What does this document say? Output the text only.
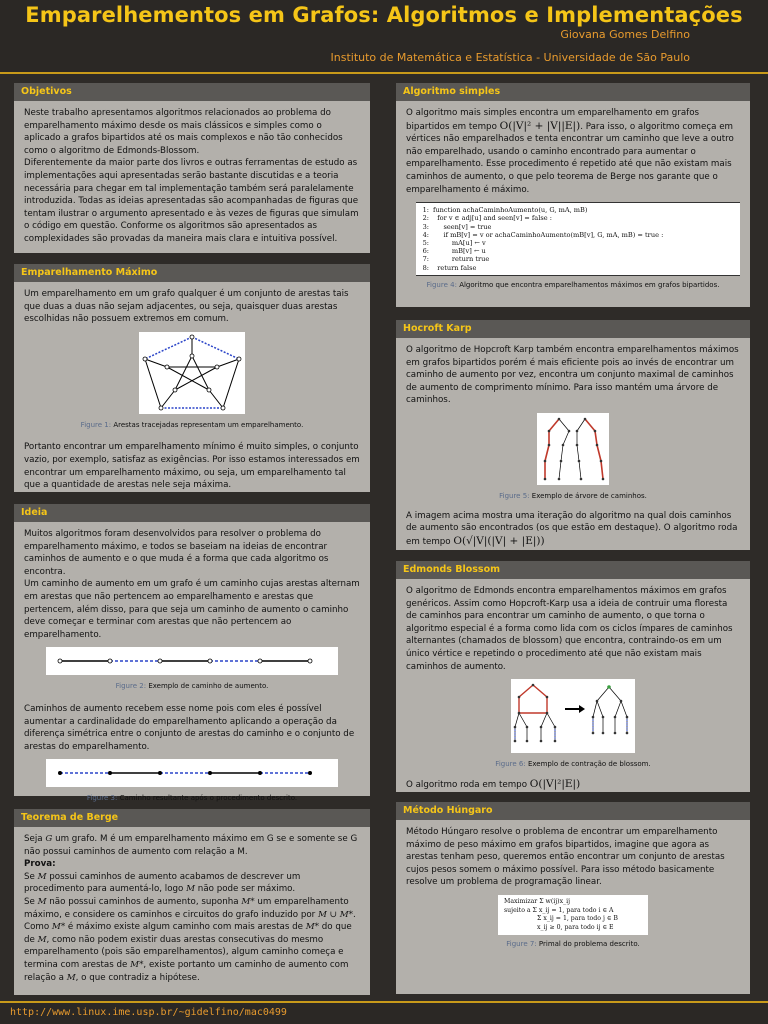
Emparelhementos em Grafos: Algoritmos e Implementações
Giovana Gomes Delfino
Instituto de Matemática e Estatística - Universidade de São Paulo
Objetivos

Neste trabalho apresentamos algoritmos relacionados ao problema do emparelhamento máximo desde os mais clássicos e simples como o aplicado a grafos bipartidos até os mais complexos e não tão conhecidos como o algoritmo de Edmonds-Blossom.

Diferentemente da maior parte dos livros e outras ferramentas de estudo as implementações aqui apresentadas serão bastante discutidas e a teoria necessária para chegar em tal implementação também será paralelamente introduzida. Todas as ideias apresentadas são acompanhadas de figuras que tentam ilustrar o argumento apresentado e às vezes de figuras que simulam o código em questão. Conforme os algoritmos são apresentados as complexidades são provadas da maneira mais clara e intuitiva possível.

Emparelhamento Máximo

Um emparelhamento em um grafo qualquer é um conjunto de arestas tais que duas a duas não sejam adjacentes, ou seja, quaisquer duas arestas escolhidas não possuem extremos em comum.

Figure 1: Arestas tracejadas representam um emparelhamento.

Portanto encontrar um emparelhamento mínimo é muito simples, o conjunto vazio, por exemplo, satisfaz as exigências. Por isso estamos interessados em encontrar um emparelhamento máximo, ou seja, um emparelhamento tal que a quantidade de arestas nele seja máxima.

Ideia

Muitos algoritmos foram desenvolvidos para resolver o problema do emparelhamento máximo, e todos se baseiam na ideias de encontrar caminhos de aumento e o que muda é a forma que cada algoritmo os encontra.

Um caminho de aumento em um grafo é um caminho cujas arestas alternam em arestas que não pertencem ao emparelhamento e arestas que pertencem, além disso, para que seja um caminho de aumento o caminho deve começar e terminar com arestas que não pertencem ao emparelhamento.

Figure 2: Exemplo de caminho de aumento.

Caminhos de aumento recebem esse nome pois com eles é possível aumentar a cardinalidade do emparelhamento aplicando a operação da diferença simétrica entre o conjunto de arestas do caminho e o conjunto de arestas do emparelhamento.

Figure 3: Caminho resultante após o procedimento descrito.
Teorema de Berge
Seja G um grafo. M é um emparelhamento máximo em G se e somente se G não possui caminhos de aumento com relação a M.
Prova:
Se M possui caminhos de aumento acabamos de descrever um procedimento para aumentá-lo, logo M não pode ser máximo.
Se M não possui caminhos de aumento, suponha M* um emparelhamento máximo, e considere os caminhos e circuitos do grafo induzido por M ∪ M*. Como M* é máximo existe algum caminho com mais arestas de M* do que de M, como não podem existir duas arestas consecutivas do mesmo emparelhamento (pois são emparelhamentos), algum caminho começa e termina com arestas de M*, existe portanto um caminho de aumento com relação a M, o que contradiz a hipótese.
Algoritmo simples

O algoritmo mais simples encontra um emparelhamento em grafos bipartidos em tempo O(|V|² + |V||E|). Para isso, o algoritmo começa em vértices não emparelhados e tenta encontrar um caminho que leve a outro não emparelhado, usando o caminho encontrado para aumentar o emparelhamento. Esse procedimento é repetido até que não existam mais caminhos de aumento, o que pelo teorema de Berge nos garante que o emparelhamento é máximo.

1: function achaCaminhoAumento(u, G, mA, mB)
2: for v ∈ adj[u] and seen[v] = false :
3: seen[v] = true
4: if mB[v] = v or achaCaminhoAumento(mB[v], G, mA, mB) = true :
5:	mA[u] ← v
6:	mB[v] ← u
7:	return true
8: return false
Figure 4: Algoritmo que encontra emparelhamentos máximos em grafos bipartidos.
Hocroft Karp

O algoritmo de Hopcroft Karp também encontra emparelhamentos máximos em grafos bipartidos porém é mais eficiente pois ao invés de encontrar um caminho de aumento por vez, encontra um conjunto maximal de caminhos de aumento de comprimento mínimo. Para isso mantém uma árvore de caminhos.

Figure 5: Exemplo de árvore de caminhos.

A imagem acima mostra uma iteração do algoritmo na qual dois caminhos de aumento são encontrados (os que estão em destaque). O algoritmo roda em tempo O(√|V|(|V| + |E|))

Edmonds Blossom

O algoritmo de Edmonds encontra emparelhamentos máximos em grafos genéricos. Assim como Hopcroft-Karp usa a ideia de contruir uma floresta de caminhos para encontrar um caminho de aumento, o que torna o algoritmo especial é a forma como lida com os ciclos ímpares de caminhos alternantes (chamados de blossom) que encontra, contraindo-os em um único vértice e repetindo o procedimento até que não existam mais caminhos de aumento.

Figure 6: Exemplo de contração de blossom.

O algoritmo roda em tempo O(|V|²|E|)

Método Húngaro

Método Húngaro resolve o problema de encontrar um emparelhamento máximo de peso máximo em grafos bipartidos, imagine que agora as arestas tenham peso, queremos então encontrar um conjunto de arestas cujos pesos somem o máximo possível. Para isso método basicamente resolve um problema de programação linear.

Maximizar Σ w(ij)x_ij
sujeito a Σ x_ij = 1, para todo i ∈ A
Σ x_ij = 1, para todo j ∈ B
x_ij ≥ 0, para todo ij ∈ E
Figure 7: Primal do problema descrito.
http://www.linux.ime.usp.br/~gidelfino/mac0499
